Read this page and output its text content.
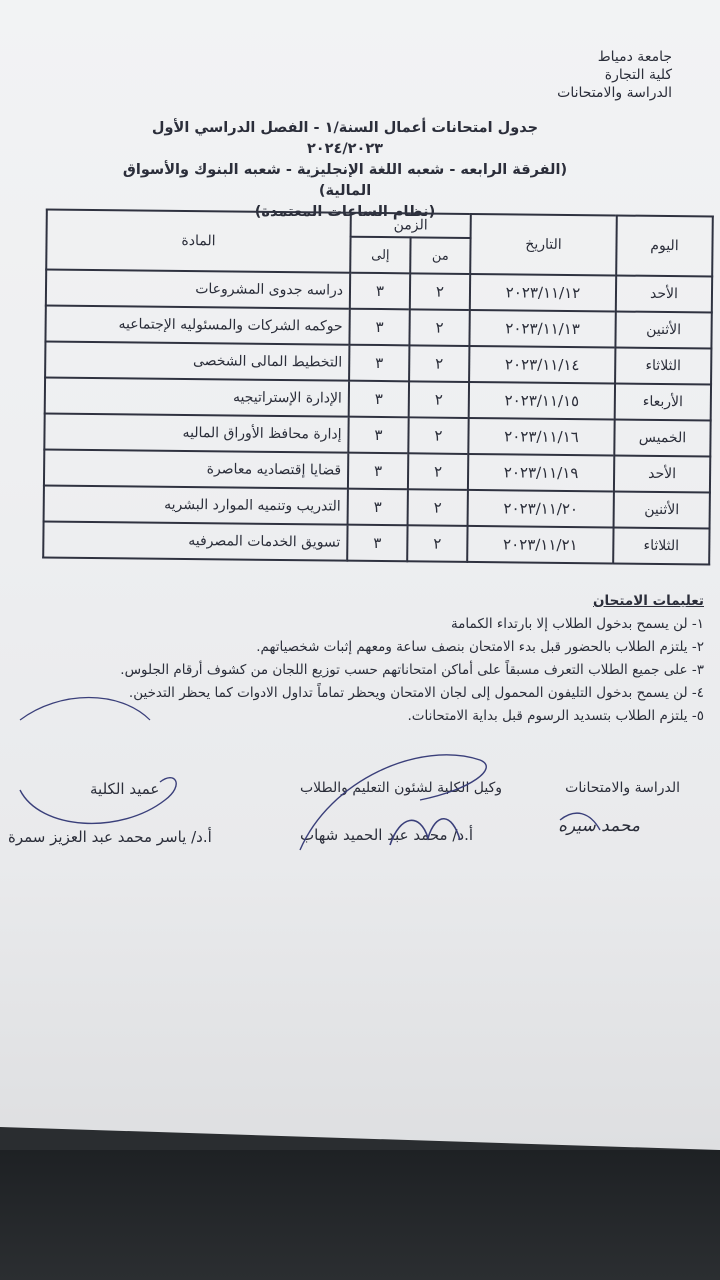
جامعة دمياط
كلية التجارة
الدراسة والامتحانات
جدول امتحانات أعمال السنة/١ - الفصل الدراسي الأول
٢٠٢٤/٢٠٢٣
(الفرقة الرابعه - شعبه اللغة الإنجليزية - شعبه البنوك والأسواق المالية)
(نظام الساعات المعتمدة)
اليوم	التاريخ	الزمن		المادة
		من	إلى	
الأحد	٢٠٢٣/١١/١٢	٢	٣	دراسه جدوى المشروعات
الأثنين	٢٠٢٣/١١/١٣	٢	٣	حوكمه الشركات والمسئوليه الإجتماعيه
الثلاثاء	٢٠٢٣/١١/١٤	٢	٣	التخطيط المالى الشخصى
الأربعاء	٢٠٢٣/١١/١٥	٢	٣	الإدارة الإستراتيجيه
الخميس	٢٠٢٣/١١/١٦	٢	٣	إدارة محافظ الأوراق الماليه
الأحد	٢٠٢٣/١١/١٩	٢	٣	قضايا إقتصاديه معاصرة
الأثنين	٢٠٢٣/١١/٢٠	٢	٣	التدريب وتنميه الموارد البشريه
الثلاثاء	٢٠٢٣/١١/٢١	٢	٣	تسويق الخدمات المصرفيه
تعليمات الامتحان
١- لن يسمح بدخول الطلاب إلا بارتداء الكمامة
٢- يلتزم الطلاب بالحضور قبل بدء الامتحان بنصف ساعة ومعهم إثبات شخصياتهم.
٣- على جميع الطلاب التعرف مسبقاً على أماكن امتحاناتهم حسب توزيع اللجان من كشوف أرقام الجلوس.
٤- لن يسمح بدخول التليفون المحمول إلى لجان الامتحان ويحظر تماماً تداول الادوات كما يحظر التدخين.
٥- يلتزم الطلاب بتسديد الرسوم قبل بداية الامتحانات.
الدراسة والامتحانات
محمد سيره
وكيل الكلية لشئون التعليم والطلاب
أ.د/ محمد عبد الحميد شهاب
عميد الكلية
أ.د/ ياسر محمد عبد العزيز سمرة
